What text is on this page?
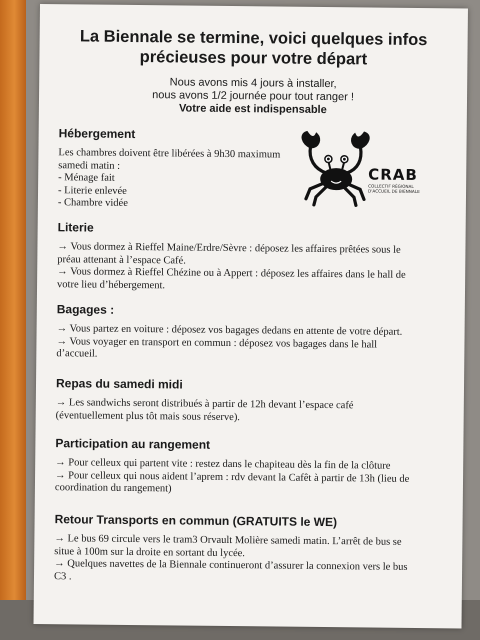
La Biennale se termine, voici quelques infos précieuses pour votre départ
Nous avons mis 4 jours à installer,
nous avons 1/2 journée pour tout ranger !
Votre aide est indispensable
CRAB
COLLECTIF RÉGIONAL D'ACCUEIL DE BIENNALE
Hébergement

Les chambres doivent être libérées à 9h30 maximum

samedi matin :

- Ménage fait

- Literie enlevée

- Chambre vidée

Literie

→ Vous dormez à Rieffel Maine/Erdre/Sèvre : déposez les affaires prêtées sous le

préau attenant à l’espace Café.

→ Vous dormez à Rieffel Chézine ou à Appert : déposez les affaires dans le hall de

votre lieu d’hébergement.

Bagages :

→ Vous partez en voiture : déposez vos bagages dedans en attente de votre départ.

→ Vous voyager en transport en commun : déposez vos bagages dans le hall

d’accueil.

Repas du samedi midi

→ Les sandwichs seront distribués à partir de 12h devant l’espace café

(éventuellement plus tôt mais sous réserve).

Participation au rangement

→ Pour celleux qui partent vite : restez dans le chapiteau dès la fin de la clôture

→ Pour celleux qui nous aident l’aprem : rdv devant la Cafêt à partir de 13h (lieu de

coordination du rangement)

Retour Transports en commun (GRATUITS le WE)

→ Le bus 69 circule vers le tram3 Orvault Molière samedi matin. L’arrêt de bus se

situe à 100m sur la droite en sortant du lycée.

→ Quelques navettes de la Biennale continueront d’assurer la connexion vers le bus

C3 .
